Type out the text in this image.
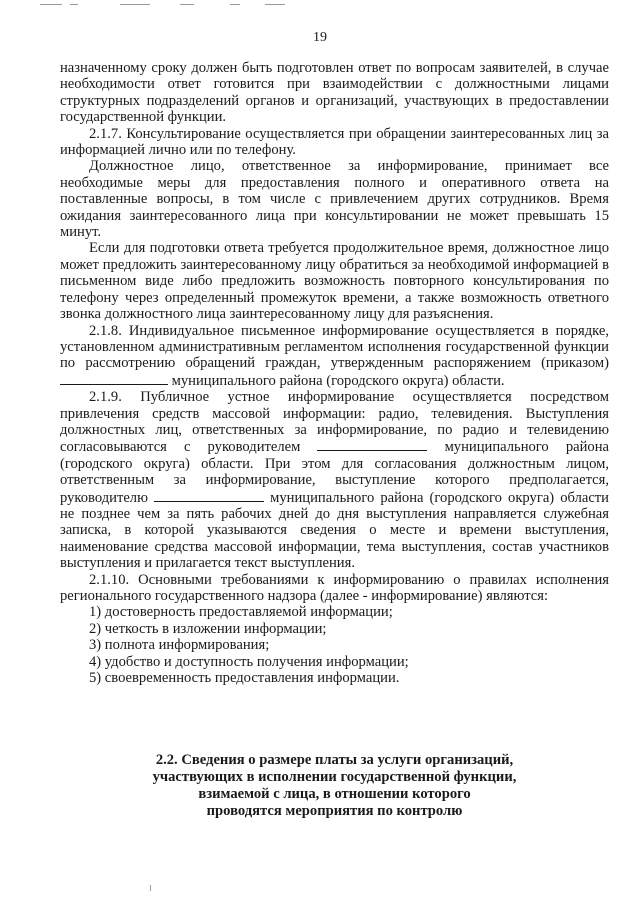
19

назначенному сроку должен быть подготовлен ответ по вопросам заявителей, в случае необходимости ответ готовится при взаимодействии с должностными лицами структурных подразделений органов и организаций, участвующих в предоставлении государственной функции.

2.1.7. Консультирование осуществляется при обращении заинтересованных лиц за информацией лично или по телефону.

Должностное лицо, ответственное за информирование, принимает все необходимые меры для предоставления полного и оперативного ответа на поставленные вопросы, в том числе с привлечением других сотрудников. Время ожидания заинтересованного лица при консультировании не может превышать 15 минут.

Если для подготовки ответа требуется продолжительное время, должностное лицо может предложить заинтересованному лицу обратиться за необходимой информацией в письменном виде либо предложить возможность повторного консультирования по телефону через определенный промежуток времени, а также возможность ответного звонка должностного лица заинтересованному лицу для разъяснения.

2.1.8. Индивидуальное письменное информирование осуществляется в порядке, установленном административным регламентом исполнения государственной функции по рассмотрению обращений граждан, утвержденным распоряжением (приказом)  муниципального района (городского округа) области.

2.1.9. Публичное устное информирование осуществляется посредством привлечения средств массовой информации: радио, телевидения. Выступления должностных лиц, ответственных за информирование, по радио и телевидению согласовываются с руководителем	муниципального района (городского округа) области. При этом для согласования должностным лицом, ответственным за информирование, выступление которого предполагается, руководителю	муниципального района (городского округа) области не позднее чем за пять рабочих дней до дня выступления направляется служебная записка, в которой указываются сведения о месте и времени выступления, наименование средства массовой информации, тема выступления, состав участников выступления и прилагается текст выступления.

2.1.10. Основными требованиями к информированию о правилах исполнения регионального государственного надзора (далее - информирование) являются:

1) достоверность предоставляемой информации;

2) четкость в изложении информации;

3) полнота информирования;

4) удобство и доступность получения информации;

5) своевременность предоставления информации.

2.2. Сведения о размере платы за услуги организаций,

участвующих в исполнении государственной функции,

взимаемой с лица, в отношении которого

проводятся мероприятия по контролю
